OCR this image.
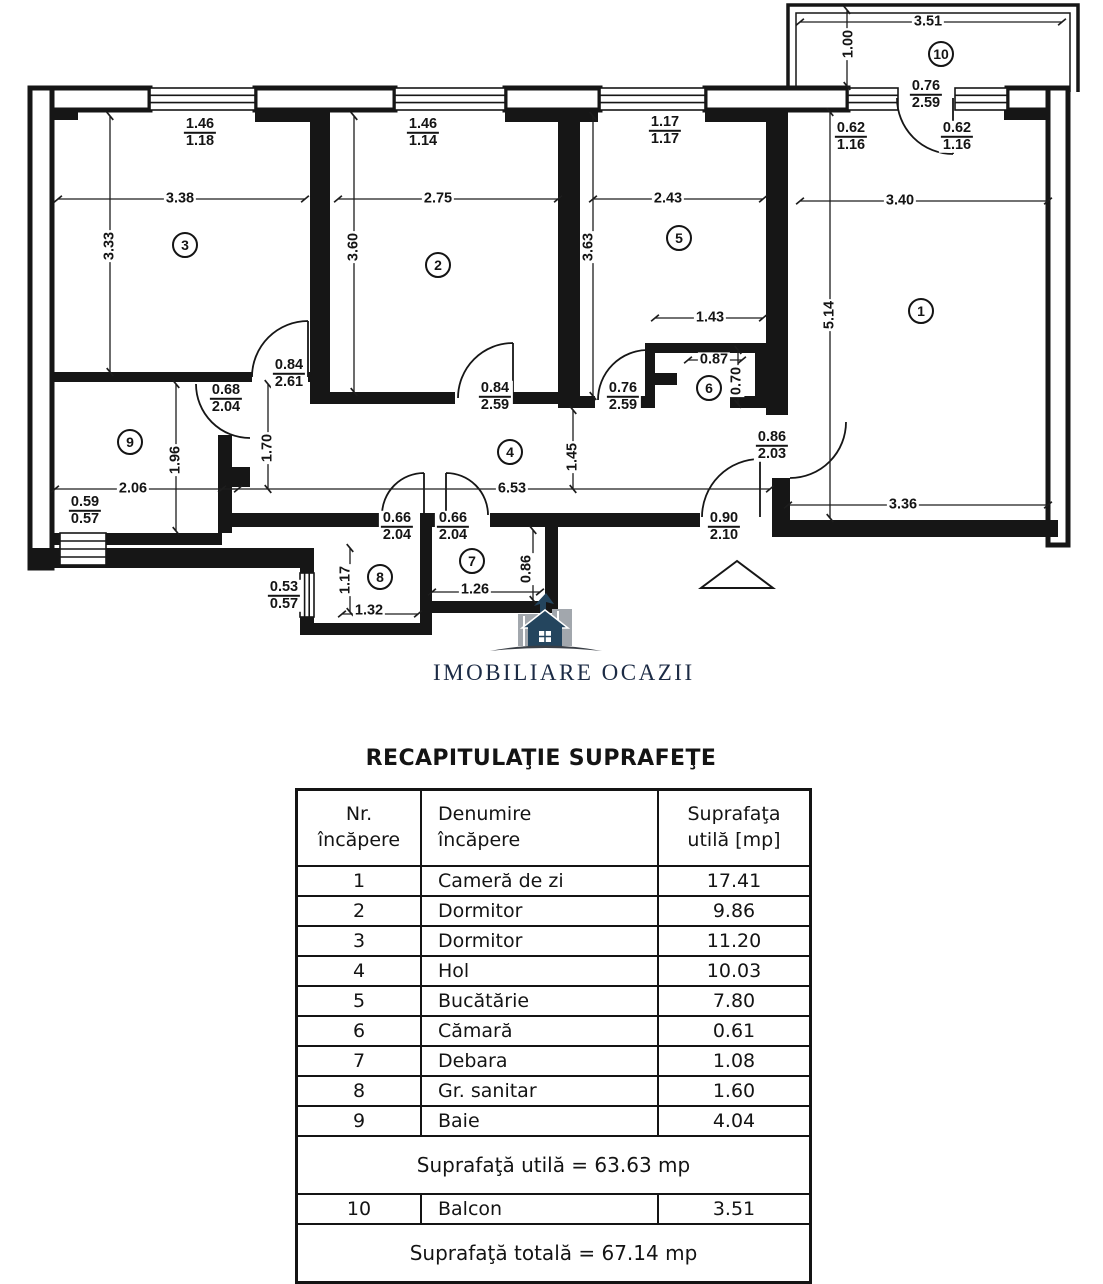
$\frac{1.46}{1.18}$	$\frac{1.46}{1.14}$	$\frac{1.17}{1.17}$	$\frac{0.62}{1.16}$	$\frac{0.62}{1.16}$
$\frac{0.76}{2.59}$
3.51
1.00
3.38	2.75	2.43	3.40
3.33	3.60	3.63
5.14
1.43
0.87
0.70
$\frac{0.84}{2.61}$
$\frac{0.68}{2.04}$	$\frac{0.84}{2.59}$	$\frac{0.76}{2.59}$
$\frac{0.86}{2.03}$
1.70	1.45
1.96
2.06	6.53
3.36
$\frac{0.59}{0.57}$	$\frac{0.66}{2.04} \frac{0.66}{2.04}$	$\frac{0.90}{2.10}$
$\frac{0.53}{0.57} 1.17$
1.32
0.86
1.26
1
2
3
4
5
6
7
8
9
10
IMOBILIARE OCAZII
RECAPITULAŢIE SUPRAFEŢE
Nr.
încăpere

Denumire
încăpere

Suprafaţa
utilă [mp]

1	Cameră de zi	17.41
2	Dormitor	9.86
3	Dormitor	11.20
4	Hol	10.03
5	Bucătărie	7.80
6	Cămară	0.61
7	Debara	1.08
8	Gr. sanitar	1.60
9	Baie	4.04
Suprafaţă utilă = 63.63 mp		
10	Balcon	3.51
Suprafaţă totală = 67.14 mp		
